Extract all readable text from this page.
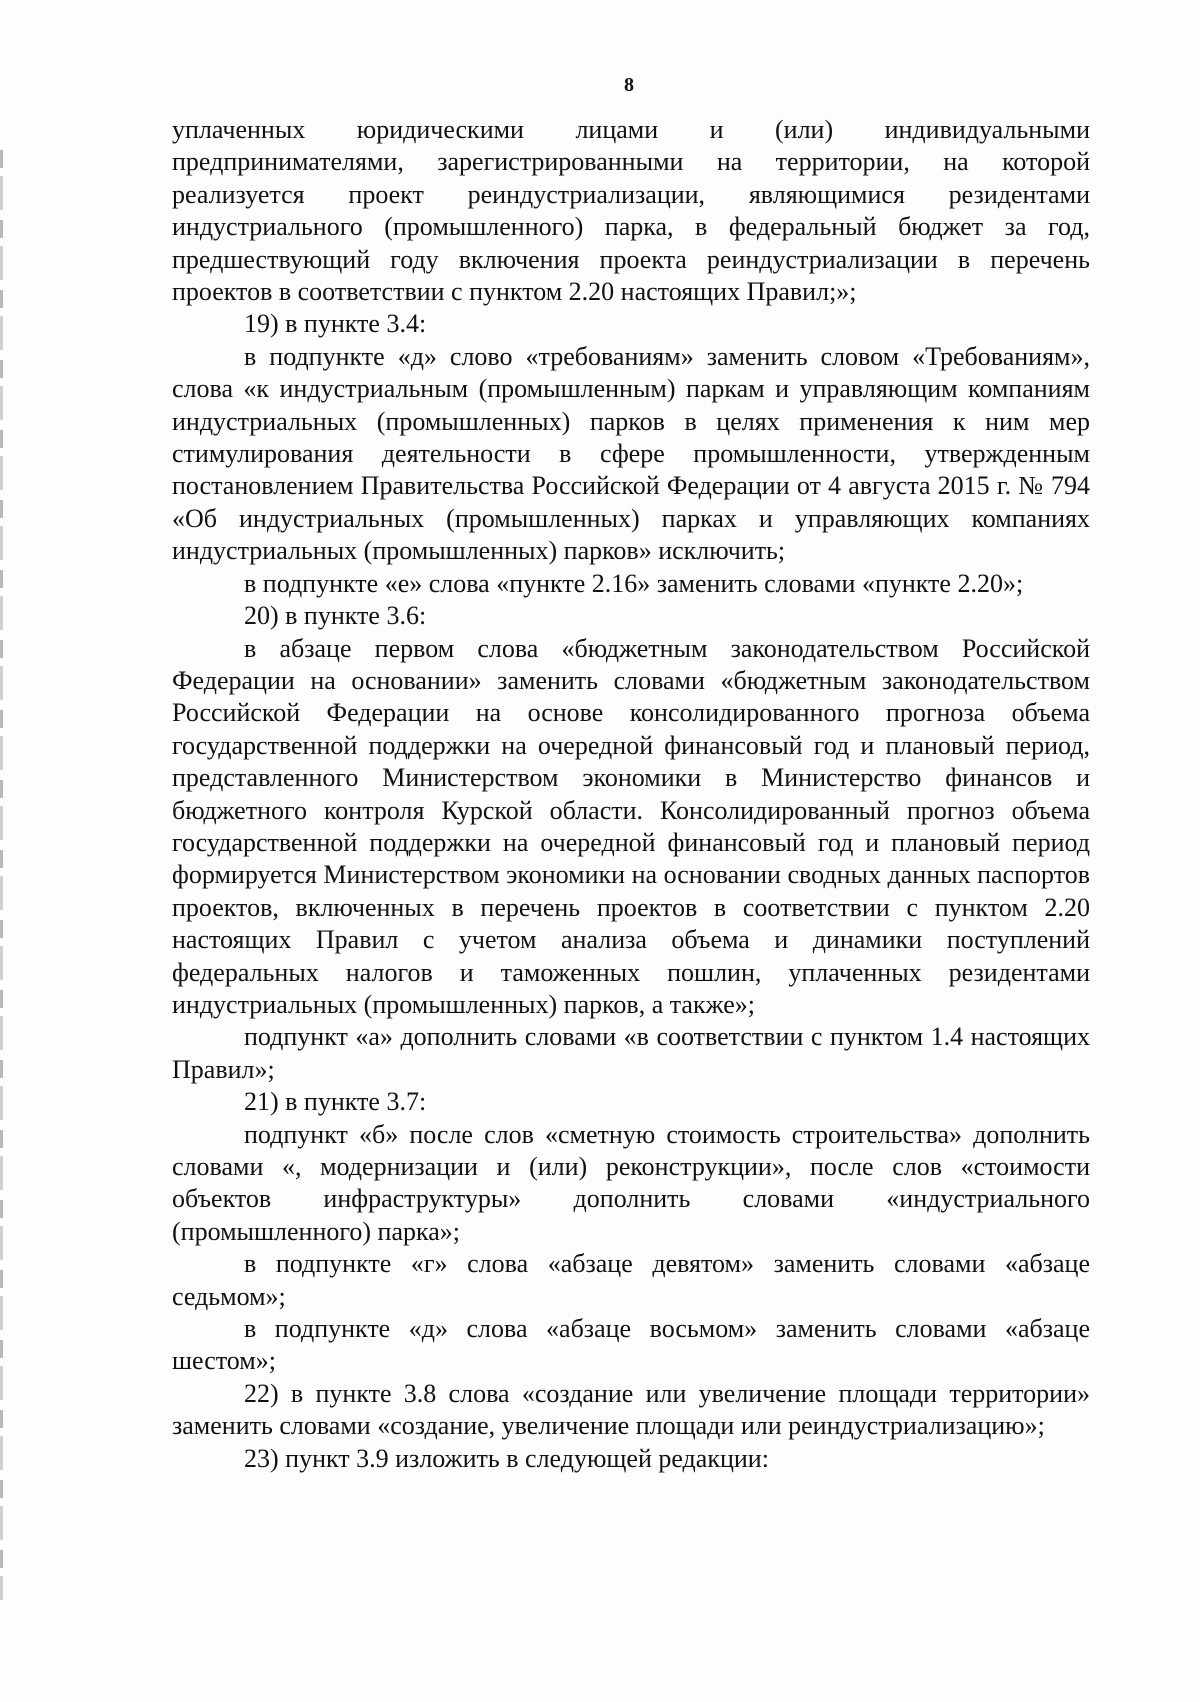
8

уплаченных юридическими лицами и (или) индивидуальными предпринимателями, зарегистрированными на территории, на которой реализуется проект реиндустриализации, являющимися резидентами индустриального (промышленного) парка, в федеральный бюджет за год, предшествующий году включения проекта реиндустриализации в перечень проектов в соответствии с пунктом 2.20 настоящих Правил;»;

19) в пункте 3.4:

в подпункте «д» слово «требованиям» заменить словом «Требованиям», слова «к индустриальным (промышленным) паркам и управляющим компаниям индустриальных (промышленных) парков в целях применения к ним мер стимулирования деятельности в сфере промышленности, утвержденным постановлением Правительства Российской Федерации от 4 августа 2015 г. № 794 «Об индустриальных (промышленных) парках и управляющих компаниях индустриальных (промышленных) парков» исключить;

в подпункте «е» слова «пункте 2.16» заменить словами «пункте 2.20»;

20) в пункте 3.6:

в абзаце первом слова «бюджетным законодательством Российской Федерации на основании» заменить словами «бюджетным законодательством Российской Федерации на основе консолидированного прогноза объема государственной поддержки на очередной финансовый год и плановый период, представленного Министерством экономики в Министерство финансов и бюджетного контроля Курской области. Консолидированный прогноз объема государственной поддержки на очередной финансовый год и плановый период формируется Министерством экономики на основании сводных данных паспортов проектов, включенных в перечень проектов в соответствии с пунктом 2.20 настоящих Правил с учетом анализа объема и динамики поступлений федеральных налогов и таможенных пошлин, уплаченных резидентами индустриальных (промышленных) парков, а также»;

подпункт «а» дополнить словами «в соответствии с пунктом 1.4 настоящих Правил»;

21) в пункте 3.7:

подпункт «б» после слов «сметную стоимость строительства» дополнить словами «, модернизации и (или) реконструкции», после слов «стоимости объектов инфраструктуры» дополнить словами «индустриального (промышленного) парка»;

в подпункте «г» слова «абзаце девятом» заменить словами «абзаце седьмом»;

в подпункте «д» слова «абзаце восьмом» заменить словами «абзаце шестом»;

22) в пункте 3.8 слова «создание или увеличение площади территории» заменить словами «создание, увеличение площади или реиндустриализацию»;

23) пункт 3.9 изложить в следующей редакции:
